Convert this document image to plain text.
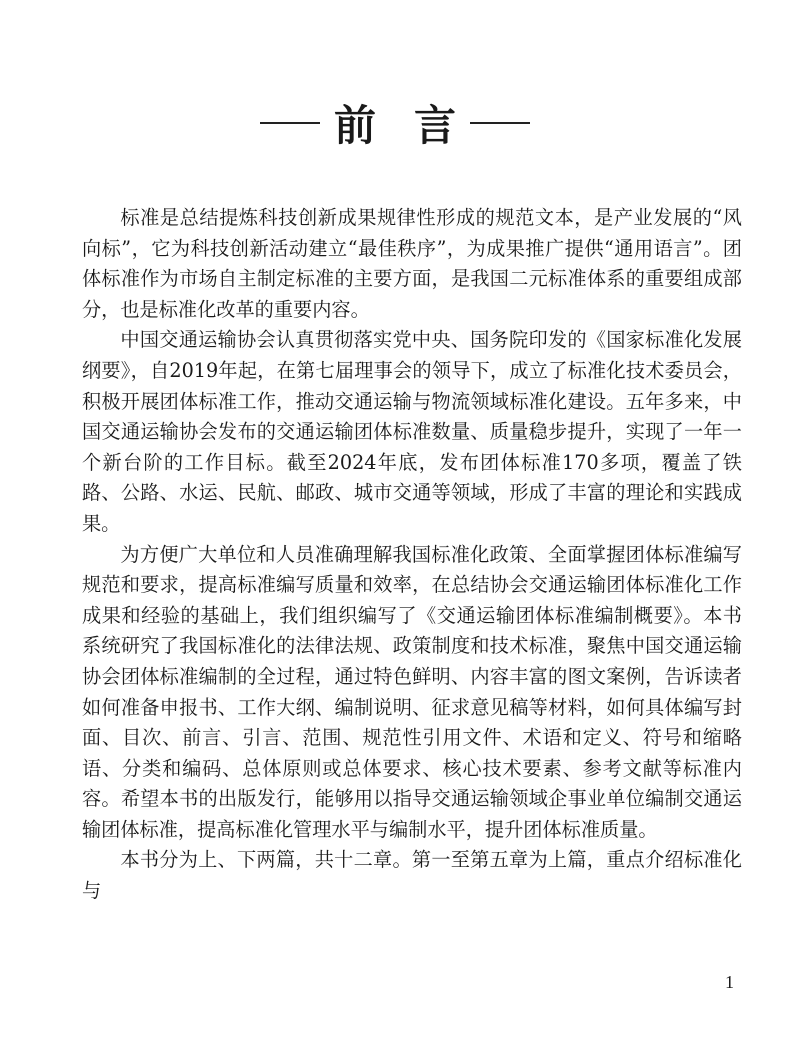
前言

标准是总结提炼科技创新成果规律性形成的规范文本，是产业发展的“风向标”，它为科技创新活动建立“最佳秩序”，为成果推广提供“通用语言”。团体标准作为市场自主制定标准的主要方面，是我国二元标准体系的重要组成部分，也是标准化改革的重要内容。

中国交通运输协会认真贯彻落实党中央、国务院印发的《国家标准化发展纲要》，自2019年起，在第七届理事会的领导下，成立了标准化技术委员会，积极开展团体标准工作，推动交通运输与物流领域标准化建设。五年多来，中国交通运输协会发布的交通运输团体标准数量、质量稳步提升，实现了一年一个新台阶的工作目标。截至2024年底，发布团体标准170多项，覆盖了铁路、公路、水运、民航、邮政、城市交通等领域，形成了丰富的理论和实践成果。

为方便广大单位和人员准确理解我国标准化政策、全面掌握团体标准编写规范和要求，提高标准编写质量和效率，在总结协会交通运输团体标准化工作成果和经验的基础上，我们组织编写了《交通运输团体标准编制概要》。本书系统研究了我国标准化的法律法规、政策制度和技术标准，聚焦中国交通运输协会团体标准编制的全过程，通过特色鲜明、内容丰富的图文案例，告诉读者如何准备申报书、工作大纲、编制说明、征求意见稿等材料，如何具体编写封面、目次、前言、引言、范围、规范性引用文件、术语和定义、符号和缩略语、分类和编码、总体原则或总体要求、核心技术要素、参考文献等标准内容。希望本书的出版发行，能够用以指导交通运输领域企事业单位编制交通运输团体标准，提高标准化管理水平与编制水平，提升团体标准质量。

本书分为上、下两篇，共十二章。第一至第五章为上篇，重点介绍标准化与

1
